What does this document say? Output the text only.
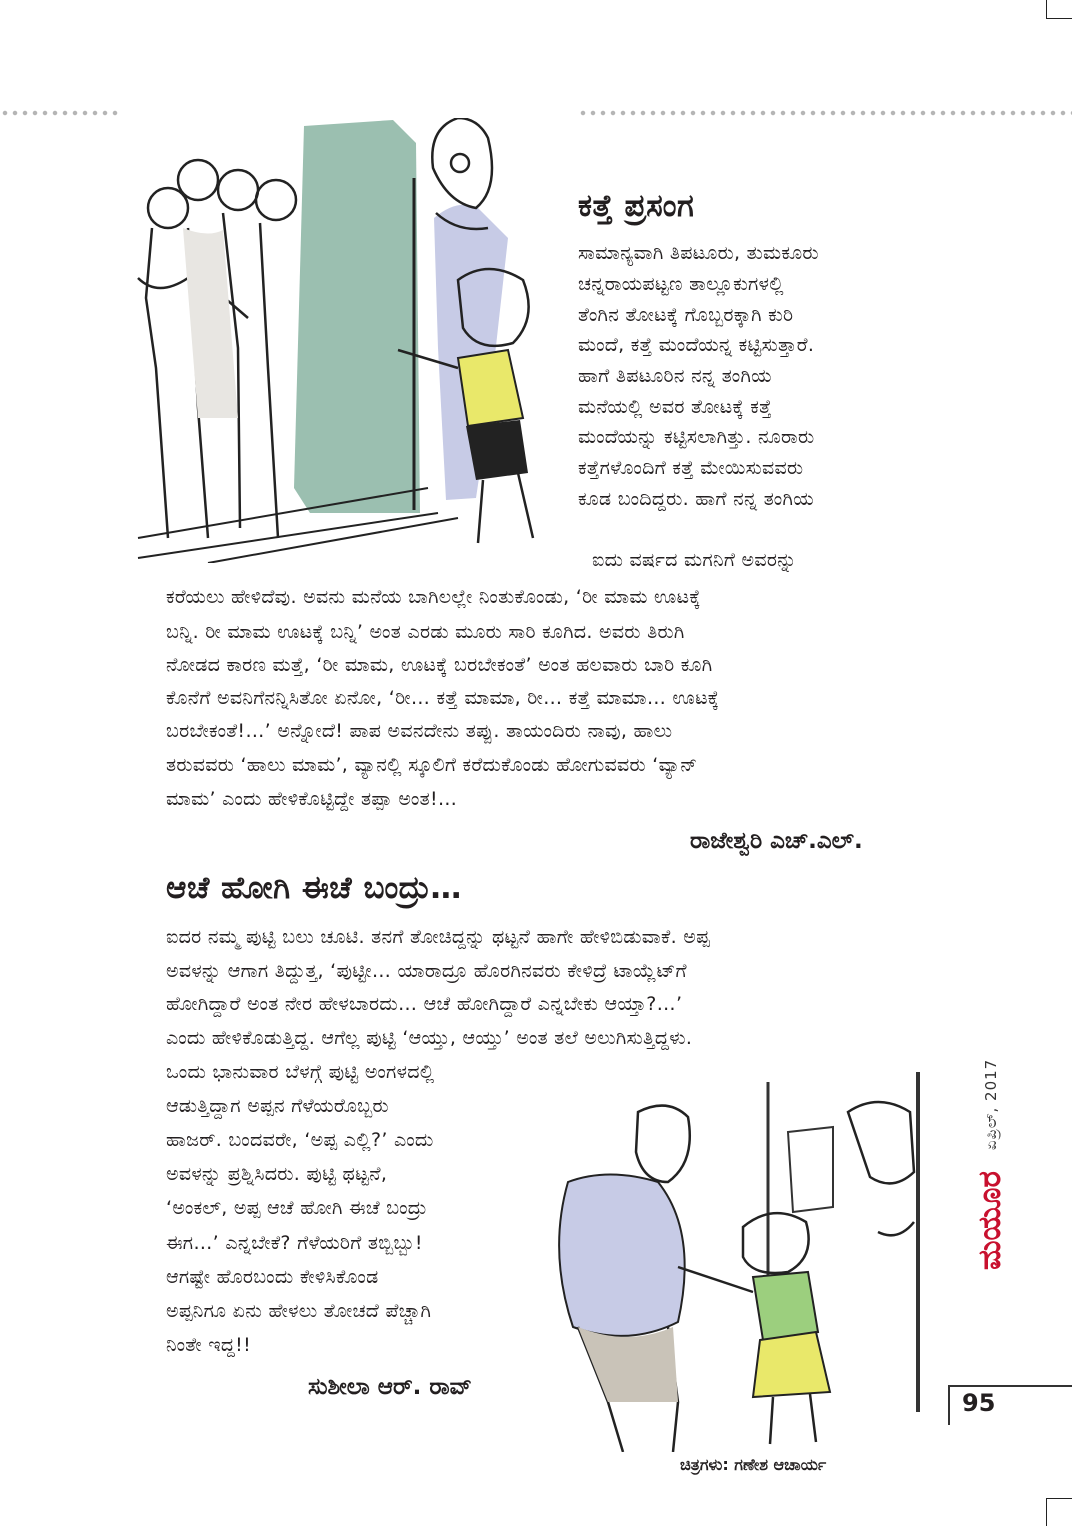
ಕತ್ತೆ ಪ್ರಸಂಗ

ಸಾಮಾನ್ಯವಾಗಿ ತಿಪಟೂರು, ತುಮಕೂರು

ಚನ್ನರಾಯಪಟ್ಟಣ ತಾಲ್ಲೂಕುಗಳಲ್ಲಿ

ತೆಂಗಿನ ತೋಟಕ್ಕೆ ಗೊಬ್ಬರಕ್ಕಾಗಿ ಕುರಿ

ಮಂದೆ, ಕತ್ತೆ ಮಂದೆಯನ್ನ ಕಟ್ಟಿಸುತ್ತಾರೆ.

ಹಾಗೆ ತಿಪಟೂರಿನ ನನ್ನ ತಂಗಿಯ

ಮನೆಯಲ್ಲಿ ಅವರ ತೋಟಕ್ಕೆ ಕತ್ತೆ

ಮಂದೆಯನ್ನು ಕಟ್ಟಿಸಲಾಗಿತ್ತು. ನೂರಾರು

ಕತ್ತೆಗಳೊಂದಿಗೆ ಕತ್ತೆ ಮೇಯಿಸುವವರು

ಕೂಡ ಬಂದಿದ್ದರು. ಹಾಗೆ ನನ್ನ ತಂಗಿಯ

ಐದು ವರ್ಷದ ಮಗನಿಗೆ ಅವರನ್ನು

ಕರೆಯಲು ಹೇಳಿದೆವು. ಅವನು ಮನೆಯ ಬಾಗಿಲಲ್ಲೇ ನಿಂತುಕೊಂಡು, ‘ರೀ ಮಾಮ ಊಟಕ್ಕೆ

ಬನ್ನಿ. ರೀ ಮಾಮ ಊಟಕ್ಕೆ ಬನ್ನಿ’ ಅಂತ ಎರಡು ಮೂರು ಸಾರಿ ಕೂಗಿದ. ಅವರು ತಿರುಗಿ

ನೋಡದ ಕಾರಣ ಮತ್ತೆ, ‘ರೀ ಮಾಮ, ಊಟಕ್ಕೆ ಬರಬೇಕಂತೆ’ ಅಂತ ಹಲವಾರು ಬಾರಿ ಕೂಗಿ

ಕೊನೆಗೆ ಅವನಿಗೆನನ್ನಿಸಿತೋ ಏನೋ, ‘ರೀ… ಕತ್ತೆ ಮಾಮಾ, ರೀ… ಕತ್ತೆ ಮಾಮಾ… ಊಟಕ್ಕೆ

ಬರಬೇಕಂತೆ!…’ ಅನ್ನೋದೆ! ಪಾಪ ಅವನದೇನು ತಪ್ಪು. ತಾಯಂದಿರು ನಾವು, ಹಾಲು

ತರುವವರು ‘ಹಾಲು ಮಾಮ’, ವ್ಯಾನಲ್ಲಿ ಸ್ಕೂಲಿಗೆ ಕರೆದುಕೊಂಡು ಹೋಗುವವರು ‘ವ್ಯಾನ್

ಮಾಮ’ ಎಂದು ಹೇಳಿಕೊಟ್ಟಿದ್ದೇ ತಪ್ಪಾ ಅಂತ!…

ರಾಜೇಶ್ವರಿ ಎಚ್.ಎಲ್.

ಆಚೆ ಹೋಗಿ ಈಚೆ ಬಂದ್ರು…

ಐದರ ನಮ್ಮ ಪುಟ್ಟಿ ಬಲು ಚೂಟಿ. ತನಗೆ ತೋಚಿದ್ದನ್ನು ಥಟ್ಟನೆ ಹಾಗೇ ಹೇಳಿಬಿಡುವಾಕೆ. ಅಪ್ಪ

ಅವಳನ್ನು ಆಗಾಗ ತಿದ್ದುತ್ತ, ‘ಪುಟ್ಟೀ… ಯಾರಾದ್ರೂ ಹೊರಗಿನವರು ಕೇಳಿದ್ರೆ ಟಾಯ್ಲೆಟ್‌ಗೆ

ಹೋಗಿದ್ದಾರೆ ಅಂತ ನೇರ ಹೇಳಬಾರದು… ಆಚೆ ಹೋಗಿದ್ದಾರೆ ಎನ್ನಬೇಕು ಆಯ್ತಾ?…’

ಎಂದು ಹೇಳಿಕೊಡುತ್ತಿದ್ದ. ಆಗೆಲ್ಲ ಪುಟ್ಟಿ ‘ಆಯ್ತು, ಆಯ್ತು’ ಅಂತ ತಲೆ ಅಲುಗಿಸುತ್ತಿದ್ದಳು.

ಒಂದು ಭಾನುವಾರ ಬೆಳಗ್ಗೆ ಪುಟ್ಟಿ ಅಂಗಳದಲ್ಲಿ

ಆಡುತ್ತಿದ್ದಾಗ ಅಪ್ಪನ ಗೆಳೆಯರೊಬ್ಬರು

ಹಾಜರ್. ಬಂದವರೇ, ‘ಅಪ್ಪ ಎಲ್ಲಿ?’ ಎಂದು

ಅವಳನ್ನು ಪ್ರಶ್ನಿಸಿದರು. ಪುಟ್ಟಿ ಥಟ್ಟನೆ,

‘ಅಂಕಲ್, ಅಪ್ಪ ಆಚೆ ಹೋಗಿ ಈಚೆ ಬಂದ್ರು

ಈಗ…’ ಎನ್ನಬೇಕೆ? ಗೆಳೆಯರಿಗೆ ತಬ್ಬಿಬ್ಬು!

ಆಗಷ್ಟೇ ಹೊರಬಂದು ಕೇಳಿಸಿಕೊಂಡ

ಅಪ್ಪನಿಗೂ ಏನು ಹೇಳಲು ತೋಚದೆ ಪೆಚ್ಚಾಗಿ

ನಿಂತೇ ಇದ್ದ!!

ಸುಶೀಲಾ ಆರ್. ರಾವ್

ಮಯೂರ ಏಪ್ರಿಲ್, 2017
95
ಚಿತ್ರಗಳು: ಗಣೇಶ ಆಚಾರ್ಯ
